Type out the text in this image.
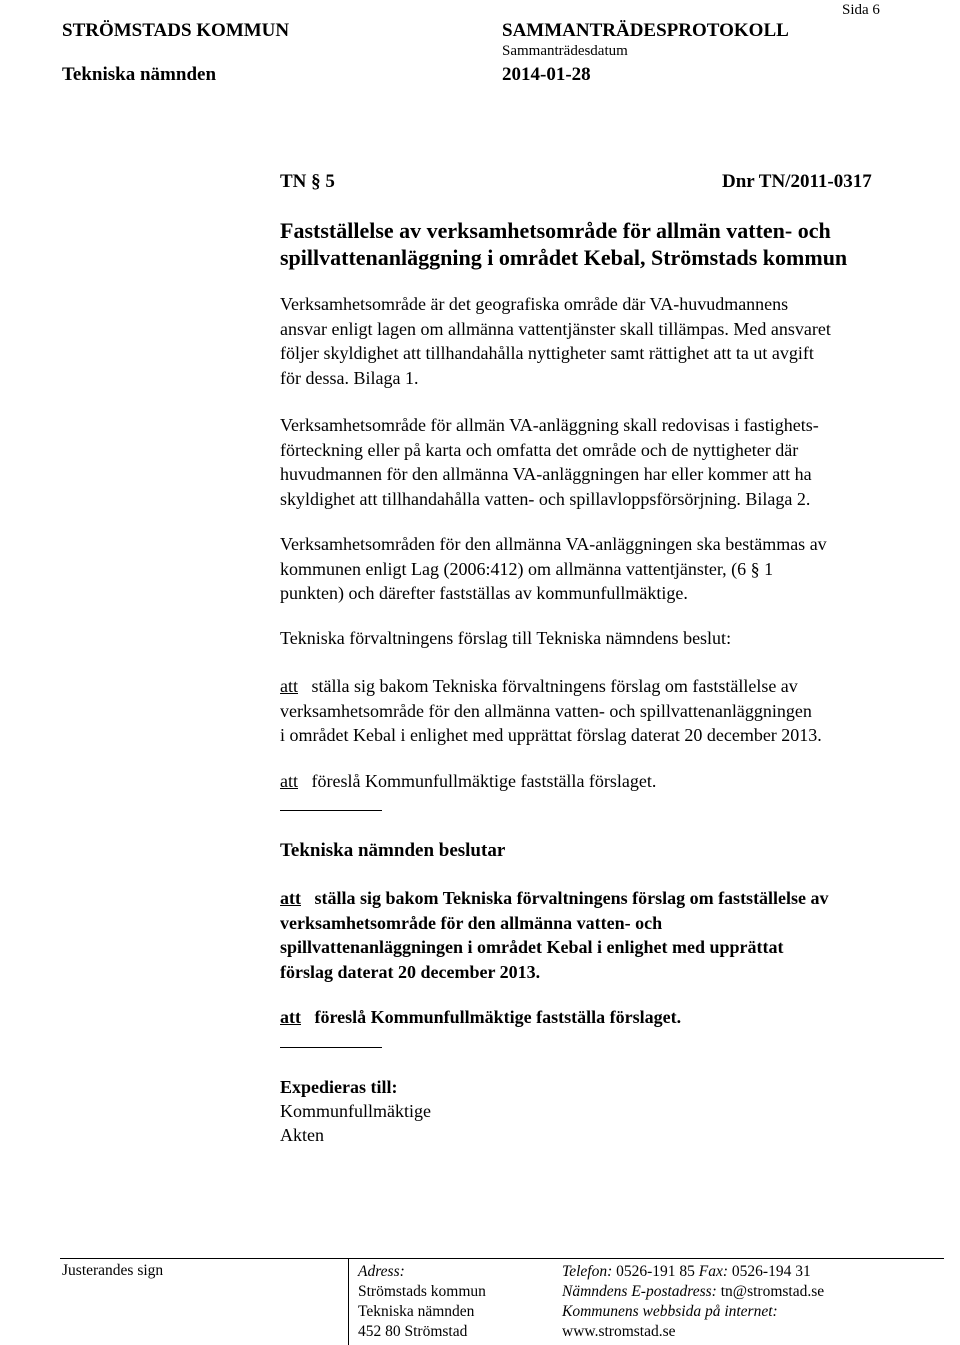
Sida 6
STRÖMSTADS KOMMUN	SAMMANTRÄDESPROTOKOLL
Sammanträdesdatum
Tekniska nämnden	2014-01-28
TN § 5	Dnr TN/2011-0317
Fastställelse av verksamhetsområde för allmän vatten- och
spillvattenanläggning i området Kebal, Strömstads kommun
Verksamhetsområde är det geografiska område där VA-huvudmannens
ansvar enligt lagen om allmänna vattentjänster skall tillämpas. Med ansvaret
följer skyldighet att tillhandahålla nyttigheter samt rättighet att ta ut avgift
för dessa. Bilaga 1.
Verksamhetsområde för allmän VA-anläggning skall redovisas i fastighets-
förteckning eller på karta och omfatta det område och de nyttigheter där
huvudmannen för den allmänna VA-anläggningen har eller kommer att ha
skyldighet att tillhandahålla vatten- och spillavloppsförsörjning. Bilaga 2.
Verksamhetsområden för den allmänna VA-anläggningen ska bestämmas av
kommunen enligt Lag (2006:412) om allmänna vattentjänster, (6 § 1
punkten) och därefter fastställas av kommunfullmäktige.
Tekniska förvaltningens förslag till Tekniska nämndens beslut:
att ställa sig bakom Tekniska förvaltningens förslag om fastställelse av
verksamhetsområde för den allmänna vatten- och spillvattenanläggningen
i området Kebal i enlighet med upprättat förslag daterat 20 december 2013.
att föreslå Kommunfullmäktige fastställa förslaget.
Tekniska nämnden beslutar
att ställa sig bakom Tekniska förvaltningens förslag om fastställelse av
verksamhetsområde för den allmänna vatten- och
spillvattenanläggningen i området Kebal i enlighet med upprättat
förslag daterat 20 december 2013.
att föreslå Kommunfullmäktige fastställa förslaget.
Expedieras till:
Kommunfullmäktige
Akten
Justerandes sign	Adress:
Strömstads kommun
Tekniska nämnden
452 80 Strömstad
Telefon: 0526-191 85 Fax: 0526-194 31
Nämndens E-postadress: tn@stromstad.se
Kommunens webbsida på internet:
www.stromstad.se
